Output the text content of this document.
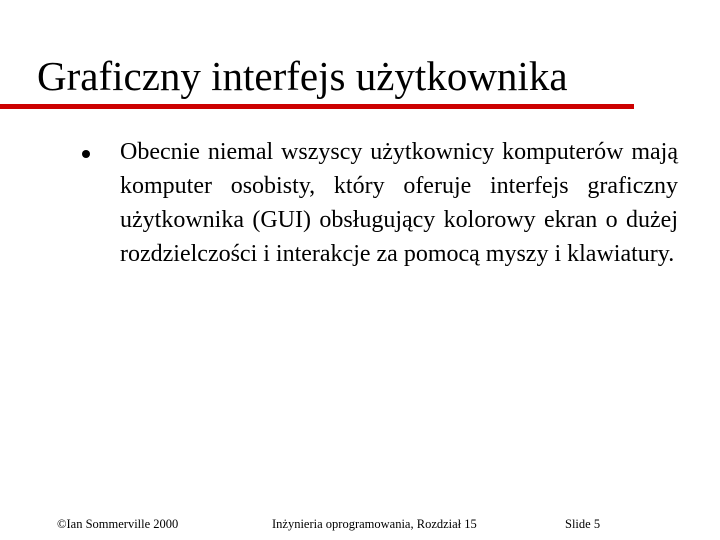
Graficzny interfejs użytkownika

Obecnie niemal wszyscy użytkownicy komputerów mają komputer osobisty, który oferuje interfejs graficzny użytkownika (GUI) obsługujący kolorowy ekran o dużej rozdzielczości i interakcje za pomocą myszy i klawiatury.

©Ian Sommerville 2000	Inżynieria oprogramowania, Rozdział 15	Slide 5
